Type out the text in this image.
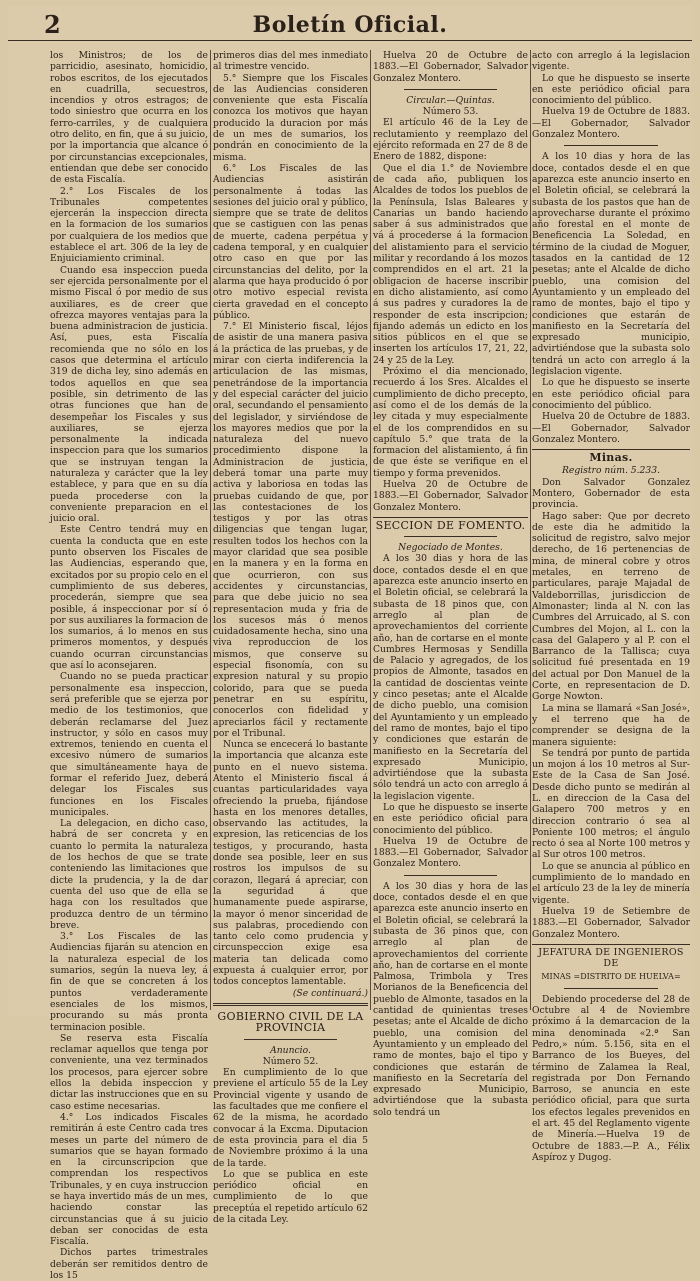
2	Boletín Oficial.

los Ministros; de los de parricidio, asesinato, homicidio, robos escritos, de los ejecutados en cuadrilla, secuestros, incendios y otros estragos; de todo siniestro que ocurra en los ferro-carriles, y de cualquiera otro delito, en fin, que á su juicio, por la importancia que alcance ó por circunstancias excepcionales, entiendan que debe ser conocido de esta Fiscalía.

2.° Los Fiscales de los Tribunales competentes ejercerán la inspeccion directa en la formacion de los sumarios por cualquiera de los medios que establece el art. 306 de la ley de Enjuiciamiento criminal.

Cuando esa inspeccion pueda ser ejercida personalmente por el mismo Fiscal ó por medio de sus auxiliares, es de creer que ofrezca mayores ventajas para la buena administracion de justicia. Así, pues, esta Fiscalía recomienda que no sólo en los casos que determina el artículo 319 de dicha ley, sino además en todos aquellos en que sea posible, sin detrimento de las otras funciones que han de desempeñar los Fiscales y sus auxiliares, se ejerza personalmente la indicada inspeccion para que los sumarios que se instruyan tengan la naturaleza y carácter que la ley establece, y para que en su día pueda procederse con la conveniente preparacion en el juicio oral.

Este Centro tendrá muy en cuenta la conducta que en este punto observen los Fiscales de las Audiencias, esperando que, excitados por su propio celo en el cumplimiento de sus deberes, procederán, siempre que sea posible, á inspeccionar por sí ó por sus auxiliares la formacion de los sumarios, á lo menos en sus primeros momentos, y después cuando ocurran circunstancias que así lo aconsejaren.

Cuando no se pueda practicar personalmente esa inspeccion, será preferible que se ejerza por medio de los testimonios, que deberán reclamarse del Juez instructor, y sólo en casos muy extremos, teniendo en cuenta el excesivo número de sumarios que simultáneamente haya de formar el referido Juez, deberá delegar los Fiscales sus funciones en los Fiscales municipales.

La delegacion, en dicho caso, habrá de ser concreta y en cuanto lo permita la naturaleza de los hechos de que se trate conteniendo las limitaciones que dicte la prudencia, y la de dar cuenta del uso que de ella se haga con los resultados que produzca dentro de un término breve.

3.° Los Fiscales de las Audiencias fijarán su atencion en la naturaleza especial de los sumarios, según la nueva ley, á fin de que se concreten á los puntos verdaderamente esenciales de los mismos, procurando su más pronta terminacion posible.

Se reserva esta Fiscalía reclamar aquellos que tenga por conveniente, una vez terminados los procesos, para ejercer sobre ellos la debida inspeccion y dictar las instrucciones que en su caso estime necesarias.

4.° Los indicados Fiscales remitirán á este Centro cada tres meses un parte del número de sumarios que se hayan formado en la circunscripcion que comprendan los respectivos Tribunales, y en cuya instruccion se haya invertido más de un mes, haciendo constar las circunstancias que á su juicio deban ser conocidas de esta Fiscalía.

Dichos partes trimestrales deberán ser remitidos dentro de los 15

primeros dias del mes inmediato al trimestre vencido.

5.° Siempre que los Fiscales de las Audiencias consideren conveniente que esta Fiscalía conozca los motivos que hayan producido la duracion por más de un mes de sumarios, los pondrán en conocimiento de la misma.

6.° Los Fiscales de las Audiencias asistirán personalmente á todas las sesiones del juicio oral y público, siempre que se trate de delitos que se castiguen con las penas de muerte, cadena perpétua y cadena temporal, y en cualquier otro caso en que por las circunstancias del delito, por la alarma que haya producido ó por otro motivo especial revista cierta gravedad en el concepto público.

7.° El Ministerio fiscal, léjos de asistir de una manera pasiva á la práctica de las pruebas, y de mirar con cierta indiferencia la articulacion de las mismas, penetrándose de la importancia y del especial carácter del juicio oral, secundando el pensamiento del legislador, y sirviéndose de los mayores medios que por la naturaleza del nuevo procedimiento dispone la Administracion de justicia, deberá tomar una parte muy activa y laboriosa en todas las pruebas cuidando de que, por las contestaciones de los testigos y por las otras diligencias que tengan lugar, resulten todos los hechos con la mayor claridad que sea posible en la manera y en la forma en que ocurrieron, con sus accidentes y circunstancias, para que debe juicio no sea representacion muda y fria de los sucesos más ó menos cuidadosamente hecha, sino una viva reproduccion de los mismos, que conserve su especial fisonomía, con su expresion natural y su propio colorido, para que se pueda penetrar en su espíritu, conocerlos con fidelidad y apreciarlos fácil y rectamente por el Tribunal.

Nunca se encecerá lo bastante la importancia que alcanza este punto en el nuevo sistema. Atento el Ministerio fiscal á cuantas particularidades vaya ofreciendo la prueba, fijándose hasta en los menores detalles, observando las actitudes, la expresion, las reticencias de los testigos, y procurando, hasta donde sea posible, leer en sus rostros los impulsos de su corazon, llegará á apreciar, con la seguridad á que humanamente puede aspirarse, la mayor ó menor sinceridad de sus palabras, procediendo con tanto celo como prudencia y circunspeccion exige esa materia tan delicada como expuesta á cualquier error, por todos conceptos lamentable.

(Se continuará.)

GOBIERNO CIVIL DE LA PROVINCIA

Anuncio.

Número 52.

En cumplimiento de lo que previene el artículo 55 de la Ley Provincial vigente y usando de las facultades que me confiere el 62 de la misma, he acordado convocar á la Excma. Diputacion de esta provincia para el dia 5 de Noviembre próximo á la una de la tarde.

Lo que se publica en este periódico oficial en cumplimiento de lo que preceptúa el repetido artículo 62 de la citada Ley.

Huelva 20 de Octubre de 1883.—El Gobernador, Salvador Gonzalez Montero.

Circular.—Quintas.

Número 53.

El artículo 46 de la Ley de reclutamiento y reemplazo del ejército reformada en 27 de 8 de Enero de 1882, dispone:

Que el dia 1.° de Noviembre de cada año, publiquen los Alcaldes de todos los pueblos de la Península, Islas Baleares y Canarias un bando haciendo saber á sus administrados que vá á procederse á la formacion del alistamiento para el servicio militar y recordando á los mozos comprendidos en el art. 21 la obligacion de hacerse inscribir en dicho alistamiento, así como á sus padres y curadores la de responder de esta inscripcion; fijando además un edicto en los sitios públicos en el que se inserten los artículos 17, 21, 22, 24 y 25 de la Ley.

Próximo el dia mencionado, recuerdo á los Sres. Alcaldes el cumplimiento de dicho precepto, así como el de los demás de la ley citada y muy especialmente el de los comprendidos en su capítulo 5.° que trata de la formacion del alistamiento, á fin de que éste se verifique en el tiempo y forma prevenidos.

Huelva 20 de Octubre de 1883.—El Gobernador, Salvador Gonzalez Montero.

SECCION DE FOMENTO.

Negociado de Montes.

A los 30 dias y hora de las doce, contados desde el en que aparezca este anuncio inserto en el Boletin oficial, se celebrará la subasta de 18 pinos que, con arreglo al plan de aprovechamientos del corriente año, han de cortarse en el monte Cumbres Hermosas y Sendilla de Palacio y agregados, de los propios de Almonte, tasados en la cantidad de doscientas veinte y cinco pesetas; ante el Alcalde de dicho pueblo, una comision del Ayuntamiento y un empleado del ramo de montes, bajo el tipo y condiciones que estarán de manifiesto en la Secretaría del expresado Municipio, advirtiéndose que la subasta sólo tendrá un acto con arreglo á la legislacion vigente.

Lo que he dispuesto se inserte en este periódico oficial para conocimiento del público.

Huelva 19 de Octubre de 1883.—El Gobernador, Salvador Gonzalez Montero.

A los 30 dias y hora de las doce, contados desde el en que aparezca este anuncio inserto en el Boletin oficial, se celebrará la subasta de 36 pinos que, con arreglo al plan de aprovechamientos del corriente año, han de cortarse en el monte Palmosa, Trimbola y Tres Morianos de la Beneficencia del pueblo de Almonte, tasados en la cantidad de quinientas treses pesetas; ante el Alcalde de dicho pueblo, una comision del Ayuntamiento y un empleado del ramo de montes, bajo el tipo y condiciones que estarán de manifiesto en la Secretaría del expresado Municipio, advirtiéndose que la subasta solo tendrá un

acto con arreglo á la legislacion vigente.

Lo que he dispuesto se inserte en este periódico oficial para conocimiento del público.

Huelva 19 de Octubre de 1883.—El Gobernador, Salvador Gonzalez Montero.

A los 10 dias y hora de las doce, contados desde el en que aparezca este anuncio inserto en el Boletin oficial, se celebrará la subasta de los pastos que han de aprovecharse durante el próximo año forestal en el monte de Beneficencia La Soledad, en término de la ciudad de Moguer, tasados en la cantidad de 12 pesetas; ante el Alcalde de dicho pueblo, una comision del Ayuntamiento y un empleado del ramo de montes, bajo el tipo y condiciones que estarán de manifiesto en la Secretaría del expresado municipio, advirtiéndose que la subasta solo tendrá un acto con arreglo á la legislacion vigente.

Lo que he dispuesto se inserte en este periódico oficial para conocimiento del público.

Huelva 20 de Octubre de 1883.—El Gobernador, Salvador Gonzalez Montero.

Minas.

Registro núm. 5.233.

Don Salvador Gonzalez Montero, Gobernador de esta provincia.

Hago saber: Que por decreto de este dia he admitido la solicitud de registro, salvo mejor derecho, de 16 pertenencias de mina, de mineral cobre y otros metales, en terreno de particulares, paraje Majadal de Valdeborrillas, jurisdiccion de Almonaster; linda al N. con las Cumbres del Arruicado, al S. con Cumbres del Mojon, al L. con la casa del Galapero y al P. con el Barranco de la Tallisca; cuya solicitud fué presentada en 19 del actual por Don Manuel de la Corte, en representacion de D. Gorge Nowton.

La mina se llamará «San José», y el terreno que ha de comprender se designa de la manera siguiente:

Se tendrá por punto de partida un mojon á los 10 metros al Sur-Este de la Casa de San José. Desde dicho punto se medirán al L. en direccion de la Casa del Galapero 700 metros y en direccion contrario ó sea al Poniente 100 metros; el ángulo recto ó sea al Norte 100 metros y al Sur otros 100 metros.

Lo que se anuncia al público en cumplimiento de lo mandado en el artículo 23 de la ley de minería vigente.

Huelva 19 de Setiembre de 1883.—El Gobernador, Salvador Gonzalez Montero.

JEFATURA DE INGENIEROS DE

MINAS =DISTRITO DE HUELVA=

Debiendo procederse del 28 de Octubre al 4 de Noviembre próximo á la demarcacion de la mina denominada «2.ª San Pedro,» núm. 5.156, sita en el Barranco de los Bueyes, del término de Zalamea la Real, registrada por Don Fernando Barroso, se anuncia en este periódico oficial, para que surta los efectos legales prevenidos en el art. 45 del Reglamento vigente de Minería.—Huelva 19 de Octubre de 1883.—P. A., Félix Aspíroz y Dugog.
